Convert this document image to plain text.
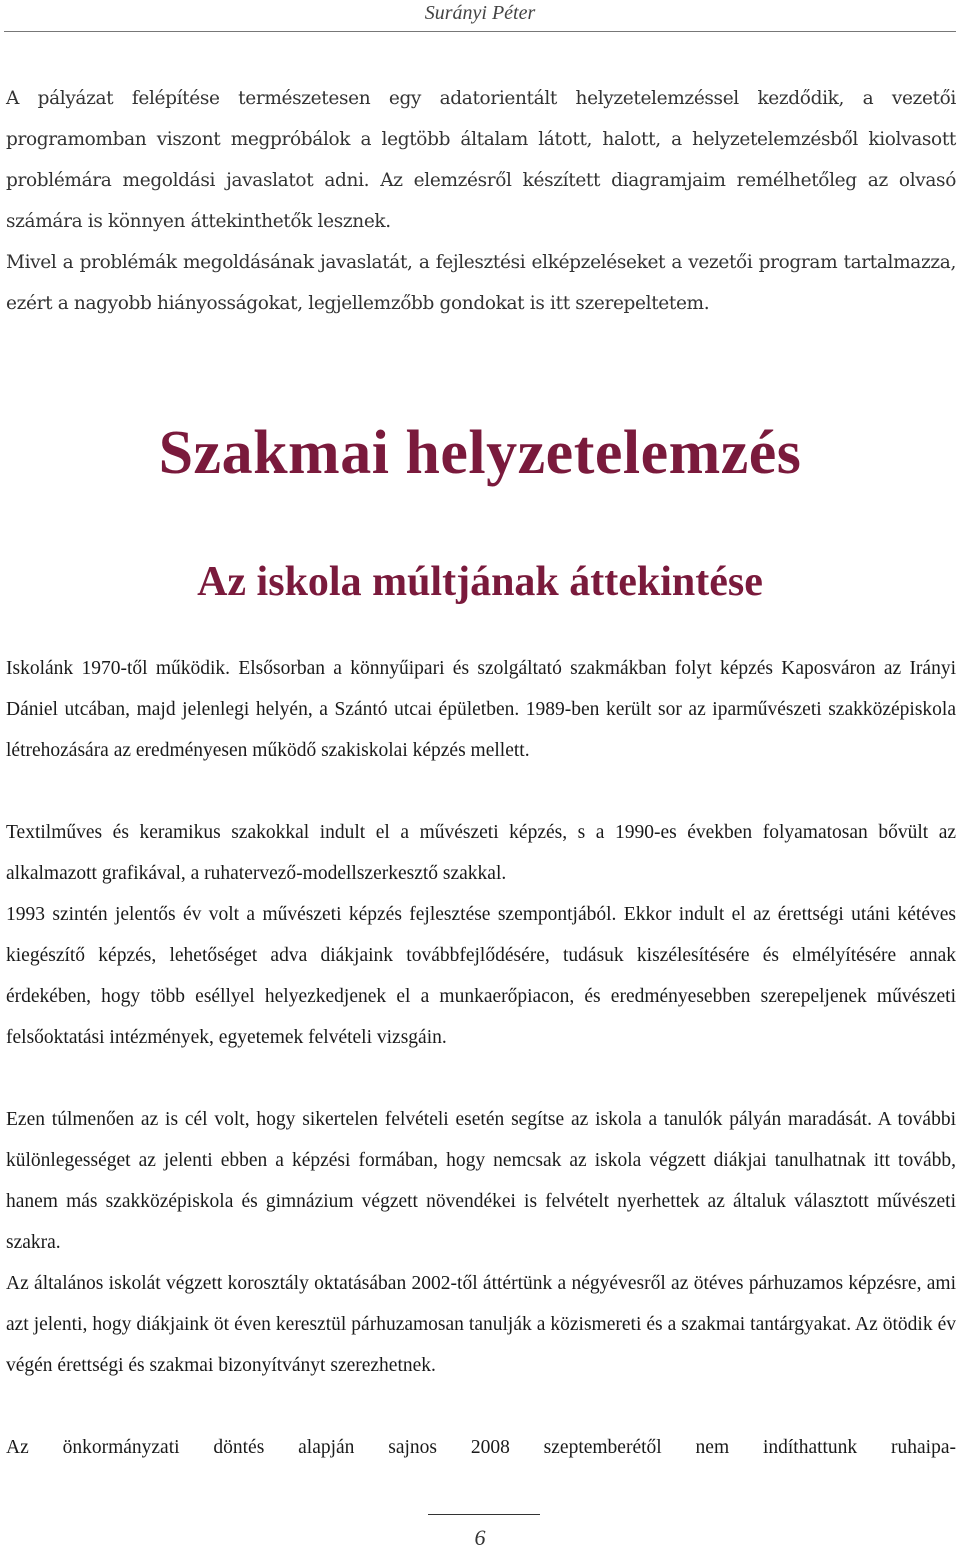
Surányi Péter

A pályázat felépítése természetesen egy adatorientált helyzetelemzéssel kezdődik, a vezetői programomban viszont megpróbálok a legtöbb általam látott, halott, a helyzetelemzésből kiolvasott problémára megoldási javaslatot adni. Az elemzésről készített diagramjaim remélhetőleg az olvasó számára is könnyen áttekinthetők lesznek.

Mivel a problémák megoldásának javaslatát, a fejlesztési elképzeléseket a vezetői program tartalmazza, ezért a nagyobb hiányosságokat, legjellemzőbb gondokat is itt szerepeltetem.

Szakmai helyzetelemzés
Az iskola múltjának áttekintése

Iskolánk 1970-től működik. Elsősorban a könnyűipari és szolgáltató szakmákban folyt képzés Kaposváron az Irányi Dániel utcában, majd jelenlegi helyén, a Szántó utcai épületben. 1989-ben került sor az iparművészeti szakközépiskola létrehozására az eredményesen működő szakiskolai képzés mellett.

Textilműves és keramikus szakokkal indult el a művészeti képzés, s a 1990-es években folyamatosan bővült az alkalmazott grafikával, a ruhatervező-modellszerkesztő szakkal.

1993 szintén jelentős év volt a művészeti képzés fejlesztése szempontjából. Ekkor indult el az érettségi utáni kétéves kiegészítő képzés, lehetőséget adva diákjaink továbbfejlődésére, tudásuk kiszélesítésére és elmélyítésére annak érdekében, hogy több eséllyel helyezkedjenek el a munkaerőpiacon, és eredményesebben szerepeljenek művészeti felsőoktatási intézmények, egyetemek felvételi vizsgáin.

Ezen túlmenően az is cél volt, hogy sikertelen felvételi esetén segítse az iskola a tanulók pályán maradását. A további különlegességet az jelenti ebben a képzési formában, hogy nemcsak az iskola végzett diákjai tanulhatnak itt tovább, hanem más szakközépiskola és gimnázium végzett növendékei is felvételt nyerhettek az általuk választott művészeti szakra.

Az általános iskolát végzett korosztály oktatásában 2002-től áttértünk a négyévesről az ötéves párhuzamos képzésre, ami azt jelenti, hogy diákjaink öt éven keresztül párhuzamosan tanulják a közismereti és a szakmai tantárgyakat. Az ötödik év végén érettségi és szakmai bizonyítványt szerezhetnek.

Az önkormányzati döntés alapján sajnos 2008 szeptemberétől nem indíthattunk ruhaipa-

6
